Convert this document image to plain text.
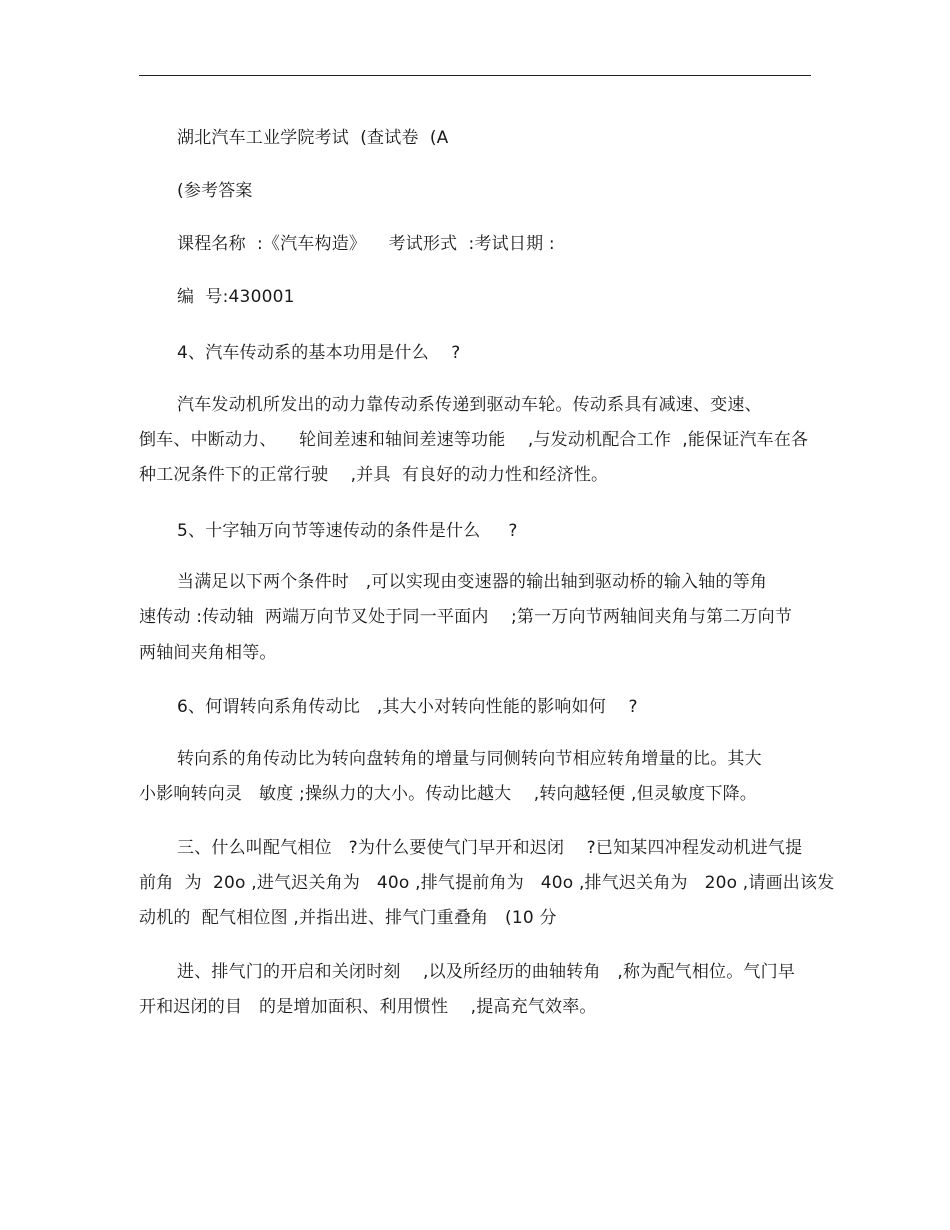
湖北汽车工业学院考试  (查试卷  (A
(参考答案
课程名称  :《汽车构造》    考试形式  :考试日期 :
编  号:430001
4、汽车传动系的基本功用是什么    ?
汽车发动机所发出的动力靠传动系传递到驱动车轮。传动系具有减速、变速、
倒车、中断动力、    轮间差速和轴间差速等功能    ,与发动机配合工作  ,能保证汽车在各
种工况条件下的正常行驶    ,并具  有良好的动力性和经济性。
5、十字轴万向节等速传动的条件是什么     ?
当满足以下两个条件时   ,可以实现由变速器的输出轴到驱动桥的输入轴的等角
速传动 :传动轴  两端万向节叉处于同一平面内    ;第一万向节两轴间夹角与第二万向节
两轴间夹角相等。
6、何谓转向系角传动比   ,其大小对转向性能的影响如何    ?
转向系的角传动比为转向盘转角的增量与同侧转向节相应转角增量的比。其大
小影响转向灵   敏度 ;操纵力的大小。传动比越大    ,转向越轻便 ,但灵敏度下降。
三、什么叫配气相位   ?为什么要使气门早开和迟闭    ?已知某四冲程发动机进气提
前角  为  20o ,进气迟关角为   40o ,排气提前角为   40o ,排气迟关角为   20o ,请画出该发
动机的  配气相位图 ,并指出进、排气门重叠角   (10 分
进、排气门的开启和关闭时刻    ,以及所经历的曲轴转角   ,称为配气相位。气门早
开和迟闭的目   的是增加面积、利用惯性    ,提高充气效率。
